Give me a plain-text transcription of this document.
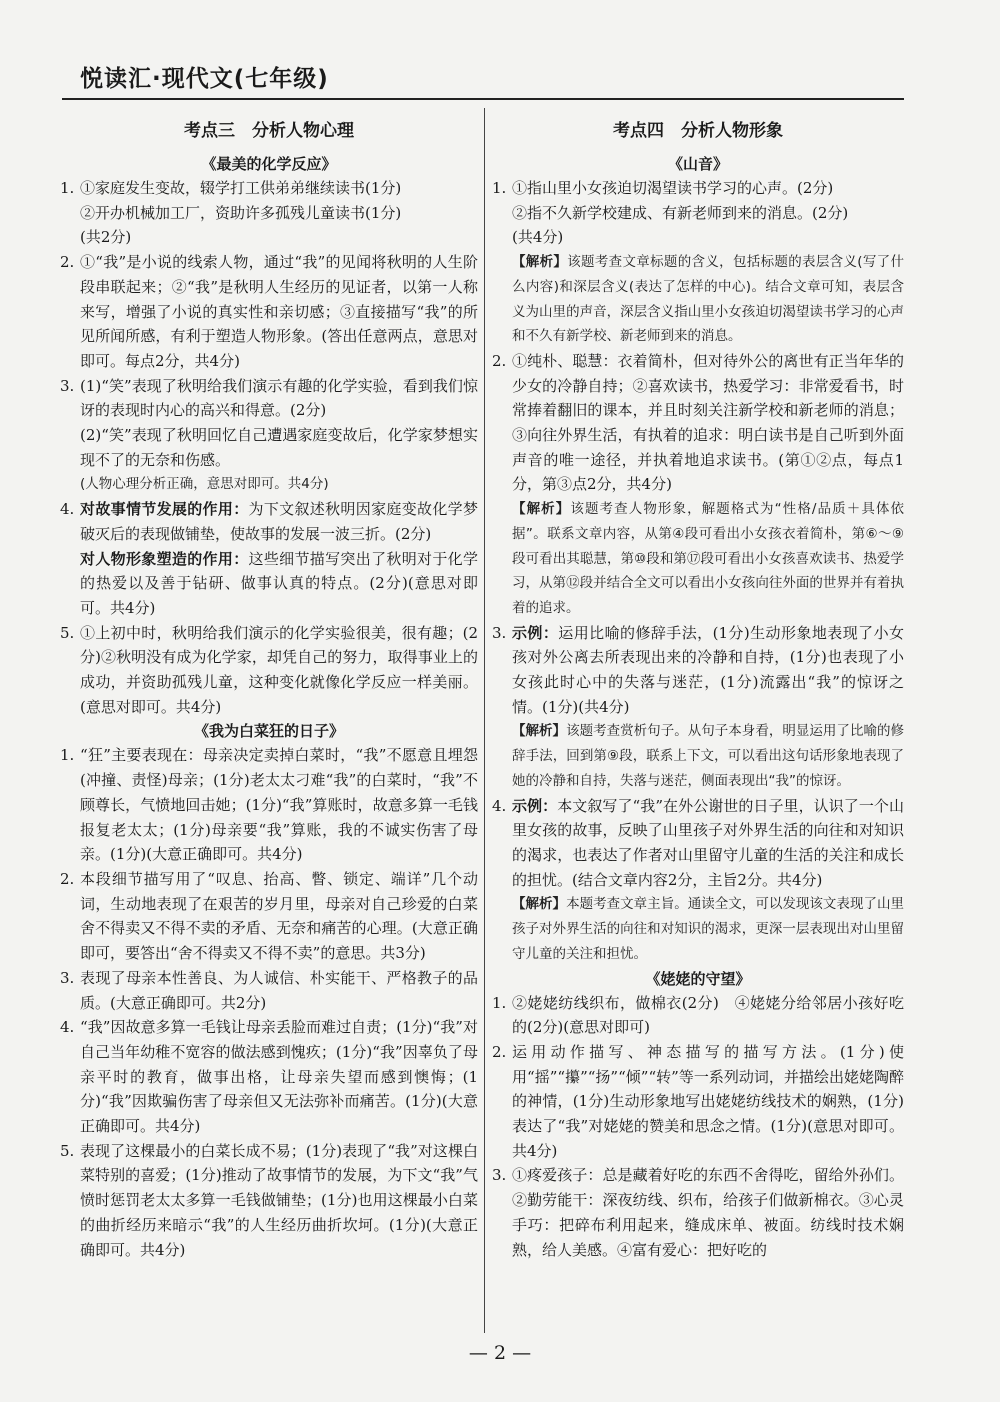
悦读汇·现代文(七年级)
考点三　分析人物心理
《最美的化学反应》
1. ①家庭发生变故，辍学打工供弟弟继续读书(1分)

②开办机械加工厂，资助许多孤残儿童读书(1分)

(共2分)

2. ①“我”是小说的线索人物，通过“我”的见闻将秋明的人生阶段串联起来；②“我”是秋明人生经历的见证者，以第一人称来写，增强了小说的真实性和亲切感；③直接描写“我”的所见所闻所感，有利于塑造人物形象。(答出任意两点，意思对即可。每点2分，共4分)

3. (1)“笑”表现了秋明给我们演示有趣的化学实验，看到我们惊讶的表现时内心的高兴和得意。(2分)

(2)“笑”表现了秋明回忆自己遭遇家庭变故后，化学家梦想实现不了的无奈和伤感。

(人物心理分析正确，意思对即可。共4分)

4. 对故事情节发展的作用：为下文叙述秋明因家庭变故化学梦破灭后的表现做铺垫，使故事的发展一波三折。(2分)

对人物形象塑造的作用：这些细节描写突出了秋明对于化学的热爱以及善于钻研、做事认真的特点。(2分)(意思对即可。共4分)

5. ①上初中时，秋明给我们演示的化学实验很美，很有趣；(2分)②秋明没有成为化学家，却凭自己的努力，取得事业上的成功，并资助孤残儿童，这种变化就像化学反应一样美丽。(意思对即可。共4分)

《我为白菜狂的日子》
1. “狂”主要表现在：母亲决定卖掉白菜时，“我”不愿意且埋怨(冲撞、责怪)母亲；(1分)老太太刁难“我”的白菜时，“我”不顾尊长，气愤地回击她；(1分)“我”算账时，故意多算一毛钱报复老太太；(1分)母亲要“我”算账，我的不诚实伤害了母亲。(1分)(大意正确即可。共4分)

2. 本段细节描写用了“叹息、抬高、瞥、锁定、端详”几个动词，生动地表现了在艰苦的岁月里，母亲对自己珍爱的白菜舍不得卖又不得不卖的矛盾、无奈和痛苦的心理。(大意正确即可，要答出“舍不得卖又不得不卖”的意思。共3分)

3. 表现了母亲本性善良、为人诚信、朴实能干、严格教子的品质。(大意正确即可。共2分)

4. “我”因故意多算一毛钱让母亲丢脸而难过自责；(1分)“我”对自己当年幼稚不宽容的做法感到愧疚；(1分)“我”因辜负了母亲平时的教育，做事出格，让母亲失望而感到懊悔；(1分)“我”因欺骗伤害了母亲但又无法弥补而痛苦。(1分)(大意正确即可。共4分)

5. 表现了这棵最小的白菜长成不易；(1分)表现了“我”对这棵白菜特别的喜爱；(1分)推动了故事情节的发展，为下文“我”气愤时惩罚老太太多算一毛钱做铺垫；(1分)也用这棵最小白菜的曲折经历来暗示“我”的人生经历曲折坎坷。(1分)(大意正确即可。共4分)

考点四　分析人物形象
《山音》
1. ①指山里小女孩迫切渴望读书学习的心声。(2分)

②指不久新学校建成、有新老师到来的消息。(2分)

(共4分)

【解析】该题考查文章标题的含义，包括标题的表层含义(写了什么内容)和深层含义(表达了怎样的中心)。结合文章可知，表层含义为山里的声音，深层含义指山里小女孩迫切渴望读书学习的心声和不久有新学校、新老师到来的消息。

2. ①纯朴、聪慧：衣着简朴，但对待外公的离世有正当年华的少女的冷静自持；②喜欢读书，热爱学习：非常爱看书，时常捧着翻旧的课本，并且时刻关注新学校和新老师的消息；③向往外界生活，有执着的追求：明白读书是自己听到外面声音的唯一途径，并执着地追求读书。(第①②点，每点1分，第③点2分，共4分)

【解析】该题考查人物形象，解题格式为“性格/品质＋具体依据”。联系文章内容，从第④段可看出小女孩衣着简朴，第⑥～⑨段可看出其聪慧，第⑩段和第⑰段可看出小女孩喜欢读书、热爱学习，从第⑫段并结合全文可以看出小女孩向往外面的世界并有着执着的追求。

3. 示例：运用比喻的修辞手法，(1分)生动形象地表现了小女孩对外公离去所表现出来的冷静和自持，(1分)也表现了小女孩此时心中的失落与迷茫，(1分)流露出“我”的惊讶之情。(1分)(共4分)

【解析】该题考查赏析句子。从句子本身看，明显运用了比喻的修辞手法，回到第⑨段，联系上下文，可以看出这句话形象地表现了她的冷静和自持，失落与迷茫，侧面表现出“我”的惊讶。

4. 示例：本文叙写了“我”在外公谢世的日子里，认识了一个山里女孩的故事，反映了山里孩子对外界生活的向往和对知识的渴求，也表达了作者对山里留守儿童的生活的关注和成长的担忧。(结合文章内容2分，主旨2分。共4分)

【解析】本题考查文章主旨。通读全文，可以发现该文表现了山里孩子对外界生活的向往和对知识的渴求，更深一层表现出对山里留守儿童的关注和担忧。

《姥姥的守望》
1. ②姥姥纺线织布，做棉衣(2分)　④姥姥分给邻居小孩好吃的(2分)(意思对即可)

2. 运用动作描写、神态描写的描写方法。(1分)使用“摇”“攥”“扬”“倾”“转”等一系列动词，并描绘出姥姥陶醉的神情，(1分)生动形象地写出姥姥纺线技术的娴熟，(1分)表达了“我”对姥姥的赞美和思念之情。(1分)(意思对即可。共4分)

3. ①疼爱孩子：总是藏着好吃的东西不舍得吃，留给外孙们。②勤劳能干：深夜纺线、织布，给孩子们做新棉衣。③心灵手巧：把碎布利用起来，缝成床单、被面。纺线时技术娴熟，给人美感。④富有爱心：把好吃的

— 2 —
